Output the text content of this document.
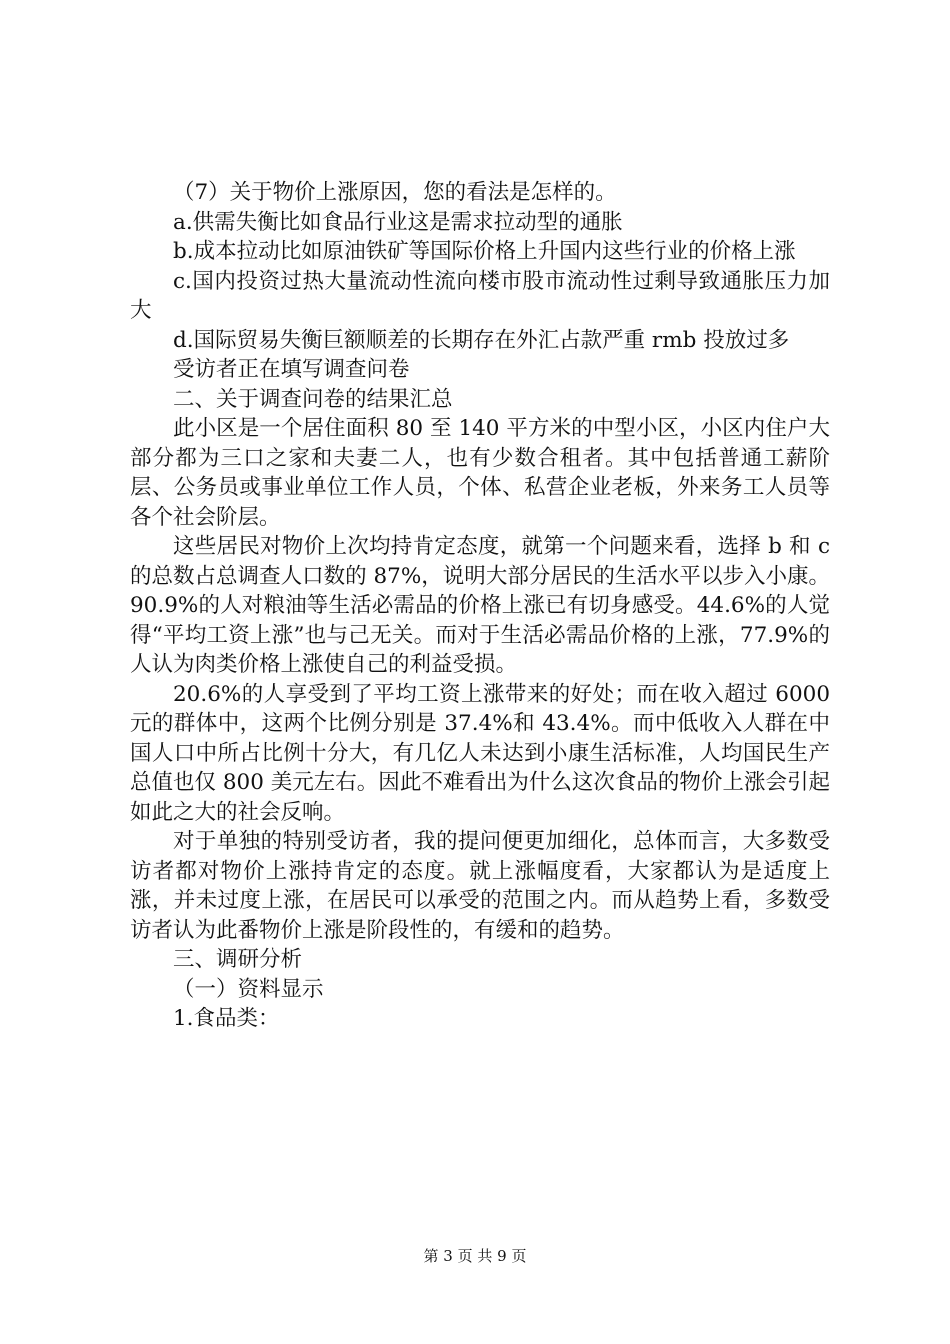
（7）关于物价上涨原因，您的看法是怎样的。

a.供需失衡比如食品行业这是需求拉动型的通胀

b.成本拉动比如原油铁矿等国际价格上升国内这些行业的价格上涨

c.国内投资过热大量流动性流向楼市股市流动性过剩导致通胀压力加大

d.国际贸易失衡巨额顺差的长期存在外汇占款严重 rmb 投放过多

受访者正在填写调查问卷

二、关于调查问卷的结果汇总

此小区是一个居住面积 80 至 140 平方米的中型小区，小区内住户大部分都为三口之家和夫妻二人，也有少数合租者。其中包括普通工薪阶层、公务员或事业单位工作人员，个体、私营企业老板，外来务工人员等各个社会阶层。

这些居民对物价上次均持肯定态度，就第一个问题来看，选择 b 和 c 的总数占总调查人口数的 87%，说明大部分居民的生活水平以步入小康。90.9%的人对粮油等生活必需品的价格上涨已有切身感受。44.6%的人觉得“平均工资上涨”也与己无关。而对于生活必需品价格的上涨，77.9%的人认为肉类价格上涨使自己的利益受损。

20.6%的人享受到了平均工资上涨带来的好处；而在收入超过 6000 元的群体中，这两个比例分别是 37.4%和 43.4%。而中低收入人群在中国人口中所占比例十分大，有几亿人未达到小康生活标准，人均国民生产总值也仅 800 美元左右。因此不难看出为什么这次食品的物价上涨会引起如此之大的社会反响。

对于单独的特别受访者，我的提问便更加细化，总体而言，大多数受访者都对物价上涨持肯定的态度。就上涨幅度看，大家都认为是适度上涨，并未过度上涨，在居民可以承受的范围之内。而从趋势上看，多数受访者认为此番物价上涨是阶段性的，有缓和的趋势。

三、调研分析

（一）资料显示

1.食品类：

第 3 页 共 9 页
